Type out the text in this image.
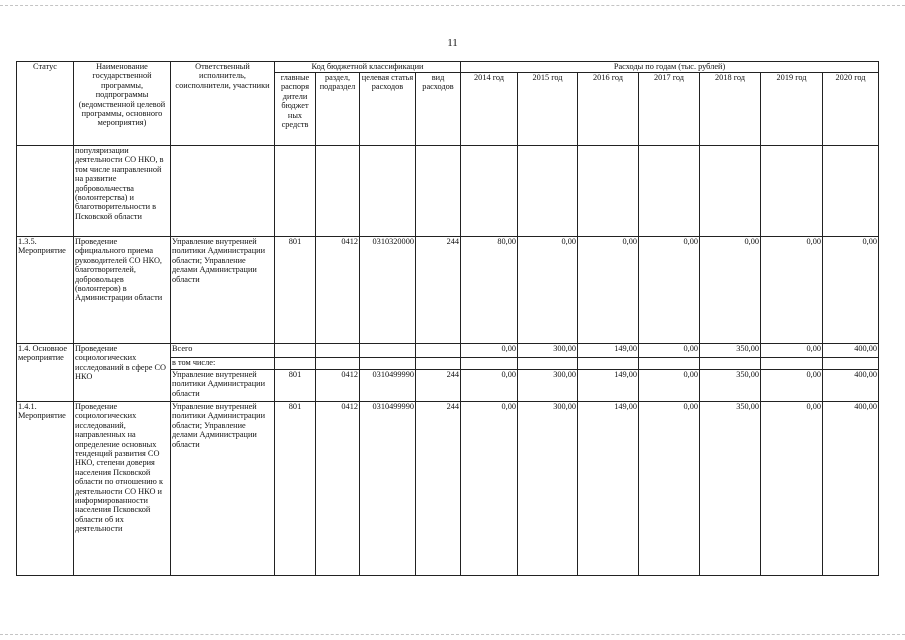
11
Статус	Наименование государственной программы, подпрограммы (ведомственной целевой программы, основного мероприятия)	Ответственный исполнитель, соисполнители, участники	Код бюджетной классификации				Расходы по годам (тыс. рублей)						
			главные распоря дители бюджет ных средств	раздел, подраздел	целевая статья расходов	вид расходов	2014 год	2015 год	2016 год	2017 год	2018 год	2019 год	2020 год
	популяризации деятельности СО НКО, в том числе направленной на развитие добровольчества (волонтерства) и благотворительности в Псковской области												
1.3.5. Мероприятие	Проведение официального приема руководителей СО НКО, благотворителей, добровольцев (волонтеров) в Администрации области	Управление внутренней политики Администрации области; Управление делами Администрации области	801	0412	0310320000	244	80,00	0,00	0,00	0,00	0,00	0,00	0,00
1.4. Основное мероприятие	Проведение социологических исследований в сфере СО НКО	Всего					0,00	300,00	149,00	0,00	350,00	0,00	400,00
		в том числе:											
		Управление внутренней политики Администрации области	801	0412	0310499990	244	0,00	300,00	149,00	0,00	350,00	0,00	400,00
1.4.1. Мероприятие	Проведение социологических исследований, направленных на определение основных тенденций развития СО НКО, степени доверия населения Псковской области по отношению к деятельности СО НКО и информированности населения Псковской области об их деятельности	Управление внутренней политики Администрации области; Управление делами Администрации области	801	0412	0310499990	244	0,00	300,00	149,00	0,00	350,00	0,00	400,00
